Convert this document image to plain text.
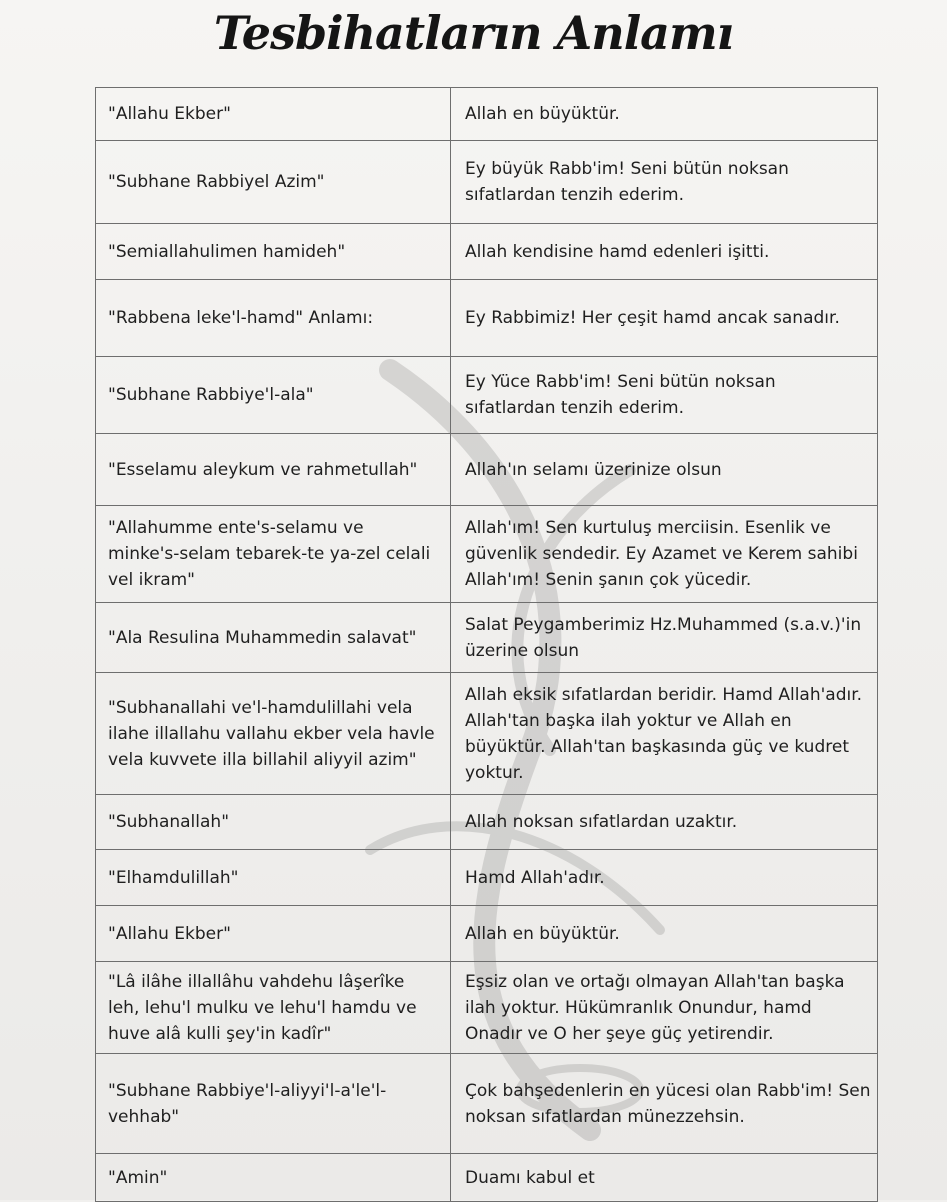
Tesbihatların Anlamı
"Allahu Ekber"	Allah en büyüktür.

"Subhane Rabbiyel Azim"	Ey büyük Rabb'im! Seni bütün noksan sıfatlardan tenzih ederim.

"Semiallahulimen hamideh"	Allah kendisine hamd edenleri işitti.

"Rabbena leke'l-hamd" Anlamı:	Ey Rabbimiz! Her çeşit hamd ancak sanadır.

"Subhane Rabbiye'l-ala"	Ey Yüce Rabb'im! Seni bütün noksan sıfatlardan tenzih ederim.

"Esselamu aleykum ve rahmetullah"	Allah'ın selamı üzerinize olsun

"Allahumme ente's-selamu ve minke's-selam tebarek-te ya-zel celali vel ikram"	Allah'ım! Sen kurtuluş merciisin. Esenlik ve güvenlik sendedir. Ey Azamet ve Kerem sahibi Allah'ım! Senin şanın çok yücedir.

"Ala Resulina Muhammedin salavat"	Salat Peygamberimiz Hz.Muhammed (s.a.v.)'in üzerine olsun

"Subhanallahi ve'l-hamdulillahi vela ilahe illallahu vallahu ekber vela havle vela kuvvete illa billahil aliyyil azim"	Allah eksik sıfatlardan beridir. Hamd Allah'adır. Allah'tan başka ilah yoktur ve Allah en büyüktür. Allah'tan başkasında güç ve kudret yoktur.

"Subhanallah"	Allah noksan sıfatlardan uzaktır.

"Elhamdulillah"	Hamd Allah'adır.

"Allahu Ekber"	Allah en büyüktür.

"Lâ ilâhe illallâhu vahdehu lâşerîke leh, lehu'l mulku ve lehu'l hamdu ve huve alâ kulli şey'in kadîr"	Eşsiz olan ve ortağı olmayan Allah'tan başka ilah yoktur. Hükümranlık Onundur, hamd Onadır ve O her şeye güç yetirendir.

"Subhane Rabbiye'l-aliyyi'l-a'le'l-vehhab"	Çok bahşedenlerin en yücesi olan Rabb'im! Sen noksan sıfatlardan münezzehsin.

"Amin"	Duamı kabul et
